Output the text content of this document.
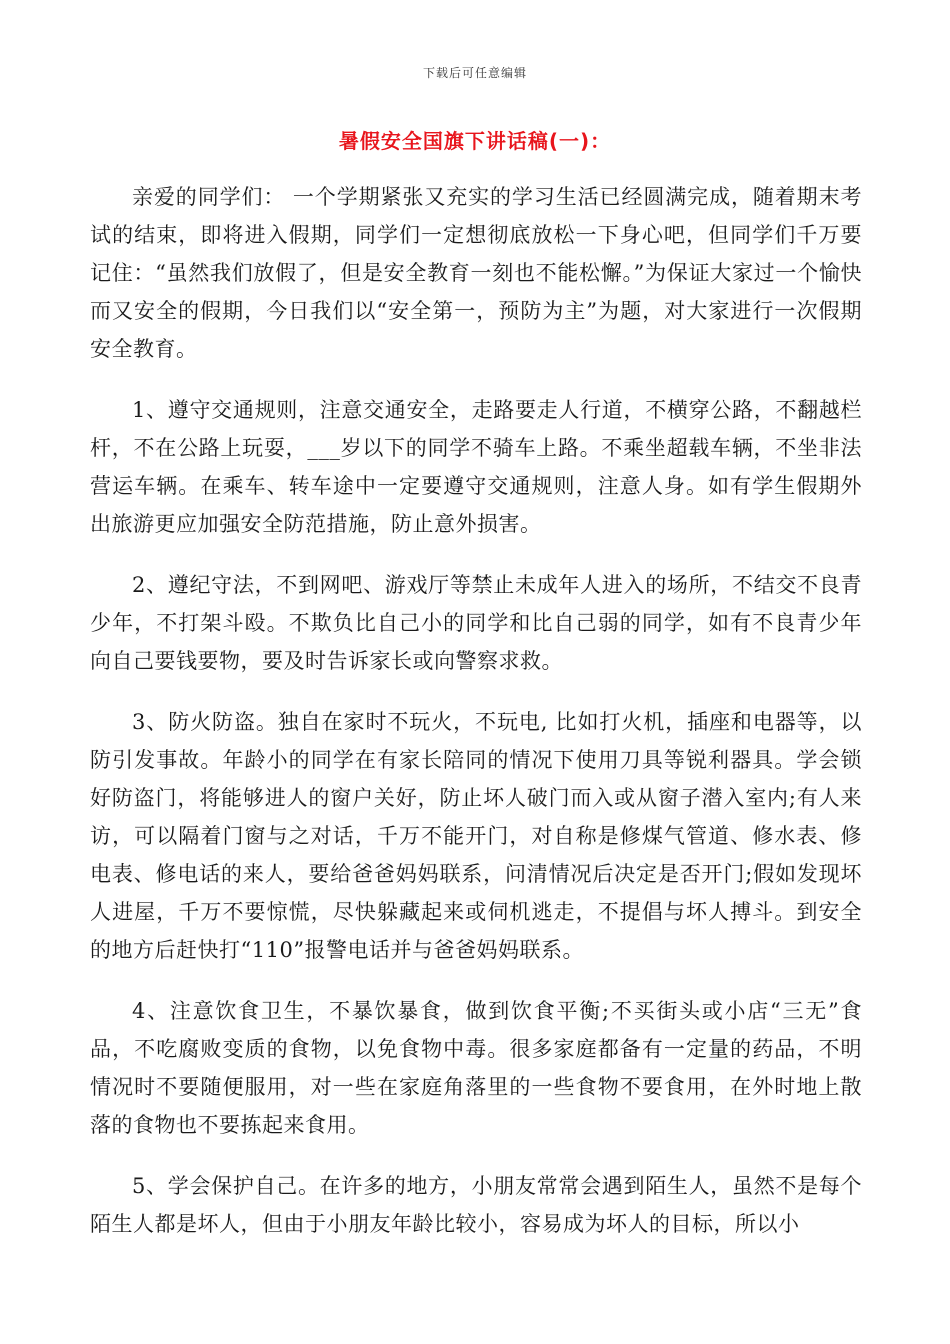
下载后可任意编辑
暑假安全国旗下讲话稿(一)：

亲爱的同学们： 一个学期紧张又充实的学习生活已经圆满完成，随着期末考试的结束，即将进入假期，同学们一定想彻底放松一下身心吧，但同学们千万要记住：“虽然我们放假了，但是安全教育一刻也不能松懈。”为保证大家过一个愉快而又安全的假期，今日我们以“安全第一，预防为主”为题，对大家进行一次假期安全教育。

1、遵守交通规则，注意交通安全，走路要走人行道，不横穿公路，不翻越栏杆，不在公路上玩耍，___岁以下的同学不骑车上路。不乘坐超载车辆，不坐非法营运车辆。在乘车、转车途中一定要遵守交通规则，注意人身。如有学生假期外出旅游更应加强安全防范措施，防止意外损害。

2、遵纪守法，不到网吧、游戏厅等禁止未成年人进入的场所，不结交不良青少年，不打架斗殴。不欺负比自己小的同学和比自己弱的同学，如有不良青少年向自己要钱要物，要及时告诉家长或向警察求救。

3、防火防盗。独自在家时不玩火，不玩电, 比如打火机，插座和电器等，以防引发事故。年龄小的同学在有家长陪同的情况下使用刀具等锐利器具。学会锁好防盗门，将能够进人的窗户关好，防止坏人破门而入或从窗子潜入室内;有人来访，可以隔着门窗与之对话，千万不能开门，对自称是修煤气管道、修水表、修电表、修电话的来人，要给爸爸妈妈联系，问清情况后决定是否开门;假如发现坏人进屋，千万不要惊慌，尽快躲藏起来或伺机逃走，不提倡与坏人搏斗。到安全的地方后赶快打“110”报警电话并与爸爸妈妈联系。

4、注意饮食卫生，不暴饮暴食，做到饮食平衡;不买街头或小店“三无”食品，不吃腐败变质的食物，以免食物中毒。很多家庭都备有一定量的药品，不明情况时不要随便服用，对一些在家庭角落里的一些食物不要食用，在外时地上散落的食物也不要拣起来食用。

5、学会保护自己。在许多的地方，小朋友常常会遇到陌生人，虽然不是每个陌生人都是坏人，但由于小朋友年龄比较小，容易成为坏人的目标，所以小
